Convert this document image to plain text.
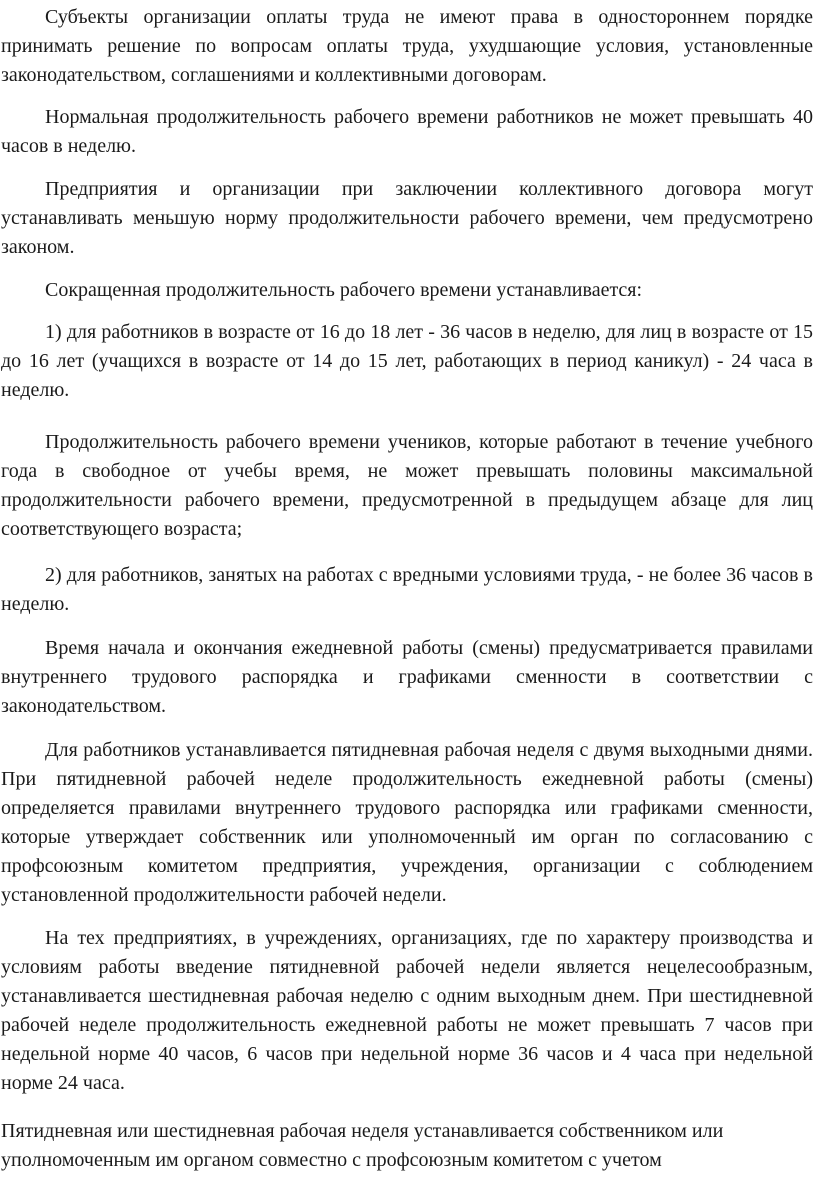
Субъекты организации оплаты труда не имеют права в одностороннем порядке принимать решение по вопросам оплаты труда, ухудшающие условия, установленные законодательством, соглашениями и коллективными договорам.

Нормальная продолжительность рабочего времени работников не может превышать 40 часов в неделю.

Предприятия и организации при заключении коллективного договора могут устанавливать меньшую норму продолжительности рабочего времени, чем предусмотрено законом.

Сокращенная продолжительность рабочего времени устанавливается:

1) для работников в возрасте от 16 до 18 лет - 36 часов в неделю, для лиц в возрасте от 15 до 16 лет (учащихся в возрасте от 14 до 15 лет, работающих в период каникул) - 24 часа в неделю.

Продолжительность рабочего времени учеников, которые работают в течение учебного года в свободное от учебы время, не может превышать половины максимальной продолжительности рабочего времени, предусмотренной в предыдущем абзаце для лиц соответствующего возраста;

2) для работников, занятых на работах с вредными условиями труда, - не более 36 часов в неделю.

Время начала и окончания ежедневной работы (смены) предусматривается правилами внутреннего трудового распорядка и графиками сменности в соответствии с законодательством.

Для работников устанавливается пятидневная рабочая неделя с двумя выходными днями. При пятидневной рабочей неделе продолжительность ежедневной работы (смены) определяется правилами внутреннего трудового распорядка или графиками сменности, которые утверждает собственник или уполномоченный им орган по согласованию с профсоюзным комитетом предприятия, учреждения, организации с соблюдением установленной продолжительности рабочей недели.

На тех предприятиях, в учреждениях, организациях, где по характеру производства и условиям работы введение пятидневной рабочей недели является нецелесообразным, устанавливается шестидневная рабочая неделю с одним выходным днем. При шестидневной рабочей неделе продолжительность ежедневной работы не может превышать 7 часов при недельной норме 40 часов, 6 часов при недельной норме 36 часов и 4 часа при недельной норме 24 часа.

Пятидневная или шестидневная рабочая неделя устанавливается собственником или уполномоченным им органом совместно с профсоюзным комитетом с учетом
